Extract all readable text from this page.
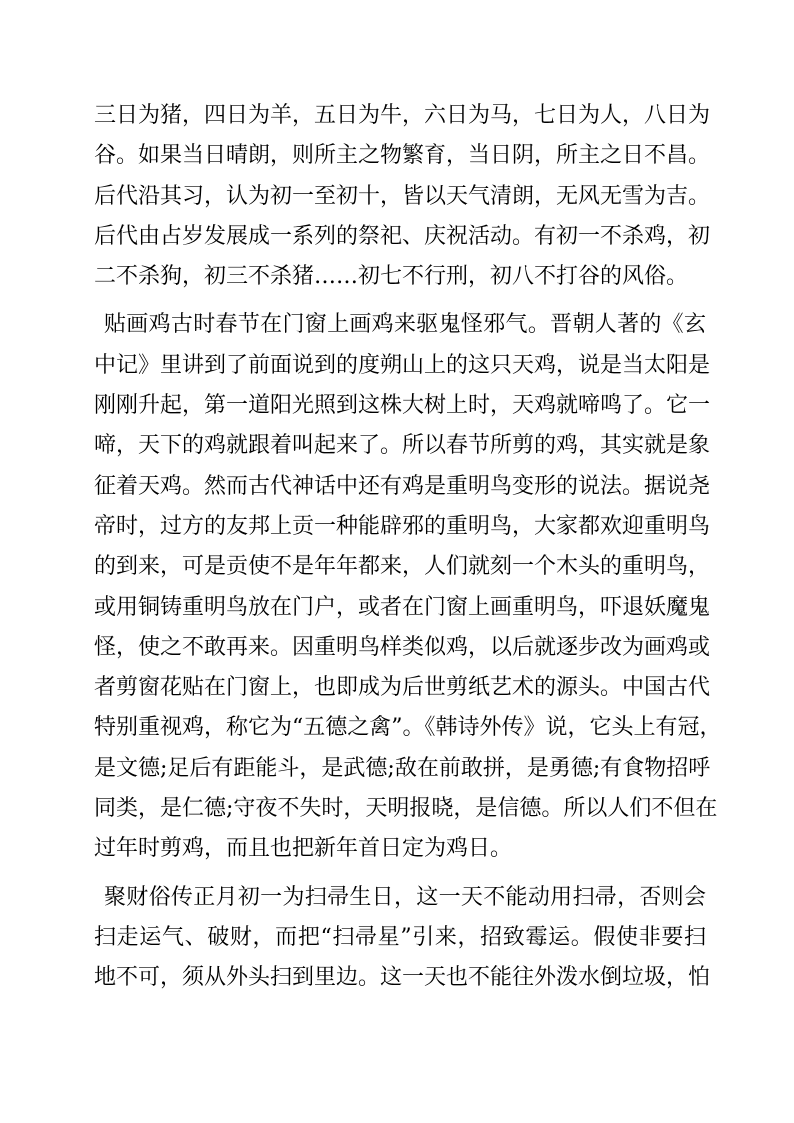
三日为猪，四日为羊，五日为牛，六日为马，七日为人，八日为
谷。如果当日晴朗，则所主之物繁育，当日阴，所主之日不昌。
后代沿其习，认为初一至初十，皆以天气清朗，无风无雪为吉。
后代由占岁发展成一系列的祭祀、庆祝活动。有初一不杀鸡，初
二不杀狗，初三不杀猪……初七不行刑，初八不打谷的风俗。
贴画鸡古时春节在门窗上画鸡来驱鬼怪邪气。晋朝人著的《玄
中记》里讲到了前面说到的度朔山上的这只天鸡，说是当太阳是
刚刚升起，第一道阳光照到这株大树上时，天鸡就啼鸣了。它一
啼，天下的鸡就跟着叫起来了。所以春节所剪的鸡，其实就是象
征着天鸡。然而古代神话中还有鸡是重明鸟变形的说法。据说尧
帝时，过方的友邦上贡一种能辟邪的重明鸟，大家都欢迎重明鸟
的到来，可是贡使不是年年都来，人们就刻一个木头的重明鸟，
或用铜铸重明鸟放在门户，或者在门窗上画重明鸟，吓退妖魔鬼
怪，使之不敢再来。因重明鸟样类似鸡，以后就逐步改为画鸡或
者剪窗花贴在门窗上，也即成为后世剪纸艺术的源头。中国古代
特别重视鸡，称它为“五德之禽”。《韩诗外传》说，它头上有冠，
是文德;足后有距能斗，是武德;敌在前敢拼，是勇德;有食物招呼
同类，是仁德;守夜不失时，天明报晓，是信德。所以人们不但在
过年时剪鸡，而且也把新年首日定为鸡日。
聚财俗传正月初一为扫帚生日，这一天不能动用扫帚，否则会
扫走运气、破财，而把“扫帚星”引来，招致霉运。假使非要扫
地不可，须从外头扫到里边。这一天也不能往外泼水倒垃圾，怕
